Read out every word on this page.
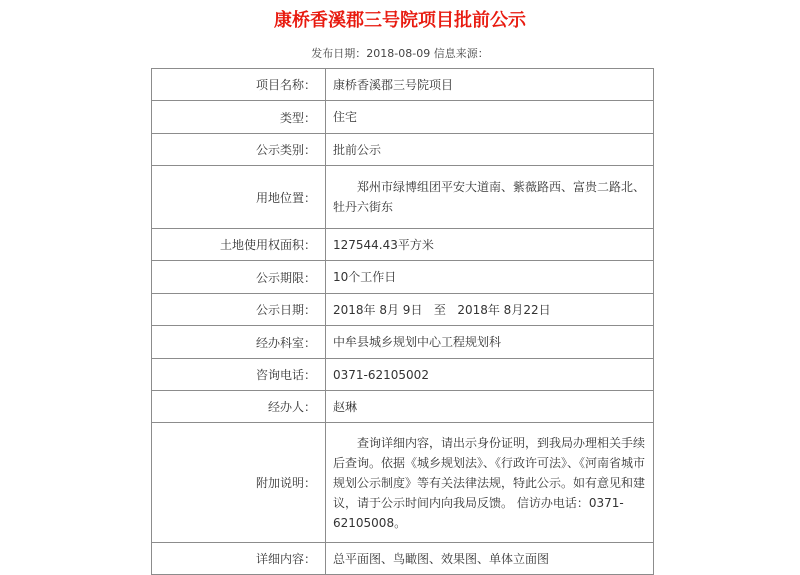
康桥香溪郡三号院项目批前公示
发布日期：2018-08-09 信息来源：
项目名称：	康桥香溪郡三号院项目
类型：	住宅
公示类别：	批前公示
用地位置：	郑州市绿博组团平安大道南、紫薇路西、富贵二路北、牡丹六街东
土地使用权面积：	127544.43平方米
公示期限：	10个工作日
公示日期：	2018年 8月 9日   至   2018年 8月22日
经办科室：	中牟县城乡规划中心工程规划科
咨询电话：	0371-62105002
经办人：	赵琳
附加说明：	查询详细内容，请出示身份证明，到我局办理相关手续后查询。依据《城乡规划法》、《行政许可法》、《河南省城市规划公示制度》等有关法律法规，特此公示。如有意见和建议，请于公示时间内向我局反馈。 信访办电话：0371-62105008。
详细内容：	总平面图、鸟瞰图、效果图、单体立面图
